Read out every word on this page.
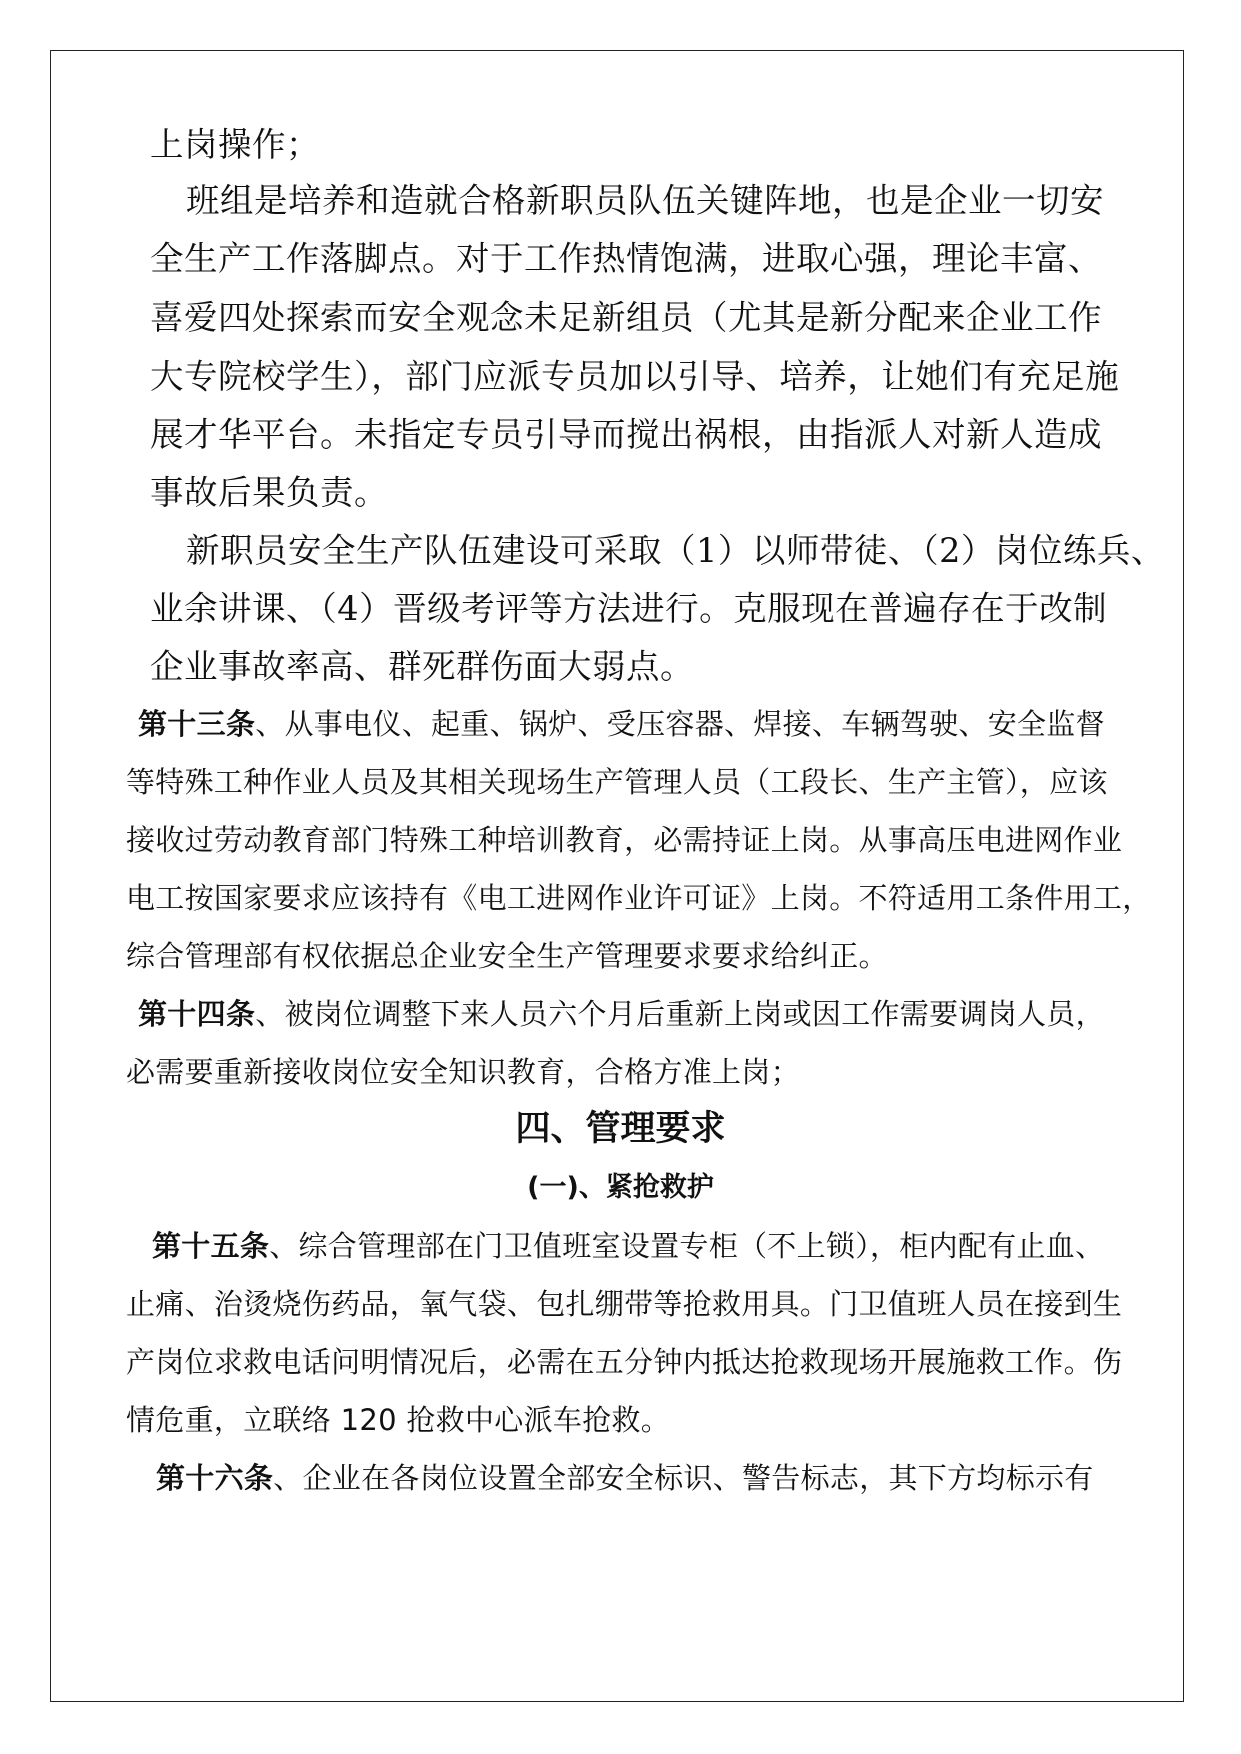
上岗操作；
班组是培养和造就合格新职员队伍关键阵地，也是企业一切安
全生产工作落脚点。对于工作热情饱满，进取心强，理论丰富、
喜爱四处探索而安全观念未足新组员（尤其是新分配来企业工作
大专院校学生），部门应派专员加以引导、培养，让她们有充足施
展才华平台。未指定专员引导而搅出祸根，由指派人对新人造成
事故后果负责。
新职员安全生产队伍建设可采取（1）以师带徒、（2）岗位练兵、
业余讲课、（4）晋级考评等方法进行。克服现在普遍存在于改制
企业事故率高、群死群伤面大弱点。
第十三条、从事电仪、起重、锅炉、受压容器、焊接、车辆驾驶、安全监督
等特殊工种作业人员及其相关现场生产管理人员（工段长、生产主管），应该
接收过劳动教育部门特殊工种培训教育，必需持证上岗。从事高压电进网作业
电工按国家要求应该持有《电工进网作业许可证》上岗。不符适用工条件用工，
综合管理部有权依据总企业安全生产管理要求要求给纠正。
第十四条、被岗位调整下来人员六个月后重新上岗或因工作需要调岗人员，
必需要重新接收岗位安全知识教育，合格方准上岗；
四、管理要求
(一)、紧抢救护
第十五条、综合管理部在门卫值班室设置专柜（不上锁），柜内配有止血、
止痛、治烫烧伤药品，氧气袋、包扎绷带等抢救用具。门卫值班人员在接到生
产岗位求救电话问明情况后，必需在五分钟内抵达抢救现场开展施救工作。伤
情危重，立联络 120 抢救中心派车抢救。
第十六条、企业在各岗位设置全部安全标识、警告标志，其下方均标示有
